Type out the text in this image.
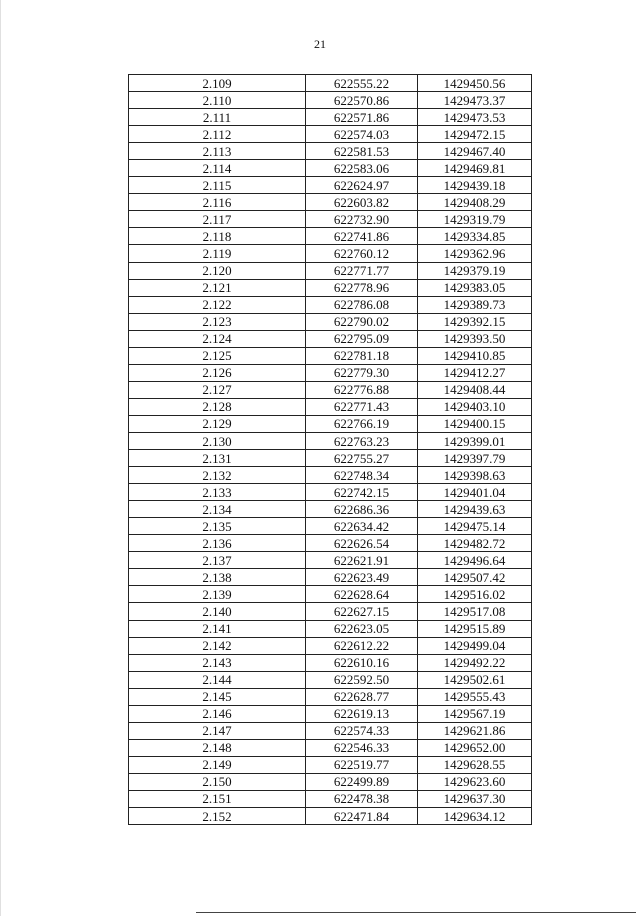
21
2.109	622555.22	1429450.56
2.110	622570.86	1429473.37
2.111	622571.86	1429473.53
2.112	622574.03	1429472.15
2.113	622581.53	1429467.40
2.114	622583.06	1429469.81
2.115	622624.97	1429439.18
2.116	622603.82	1429408.29
2.117	622732.90	1429319.79
2.118	622741.86	1429334.85
2.119	622760.12	1429362.96
2.120	622771.77	1429379.19
2.121	622778.96	1429383.05
2.122	622786.08	1429389.73
2.123	622790.02	1429392.15
2.124	622795.09	1429393.50
2.125	622781.18	1429410.85
2.126	622779.30	1429412.27
2.127	622776.88	1429408.44
2.128	622771.43	1429403.10
2.129	622766.19	1429400.15
2.130	622763.23	1429399.01
2.131	622755.27	1429397.79
2.132	622748.34	1429398.63
2.133	622742.15	1429401.04
2.134	622686.36	1429439.63
2.135	622634.42	1429475.14
2.136	622626.54	1429482.72
2.137	622621.91	1429496.64
2.138	622623.49	1429507.42
2.139	622628.64	1429516.02
2.140	622627.15	1429517.08
2.141	622623.05	1429515.89
2.142	622612.22	1429499.04
2.143	622610.16	1429492.22
2.144	622592.50	1429502.61
2.145	622628.77	1429555.43
2.146	622619.13	1429567.19
2.147	622574.33	1429621.86
2.148	622546.33	1429652.00
2.149	622519.77	1429628.55
2.150	622499.89	1429623.60
2.151	622478.38	1429637.30
2.152	622471.84	1429634.12
